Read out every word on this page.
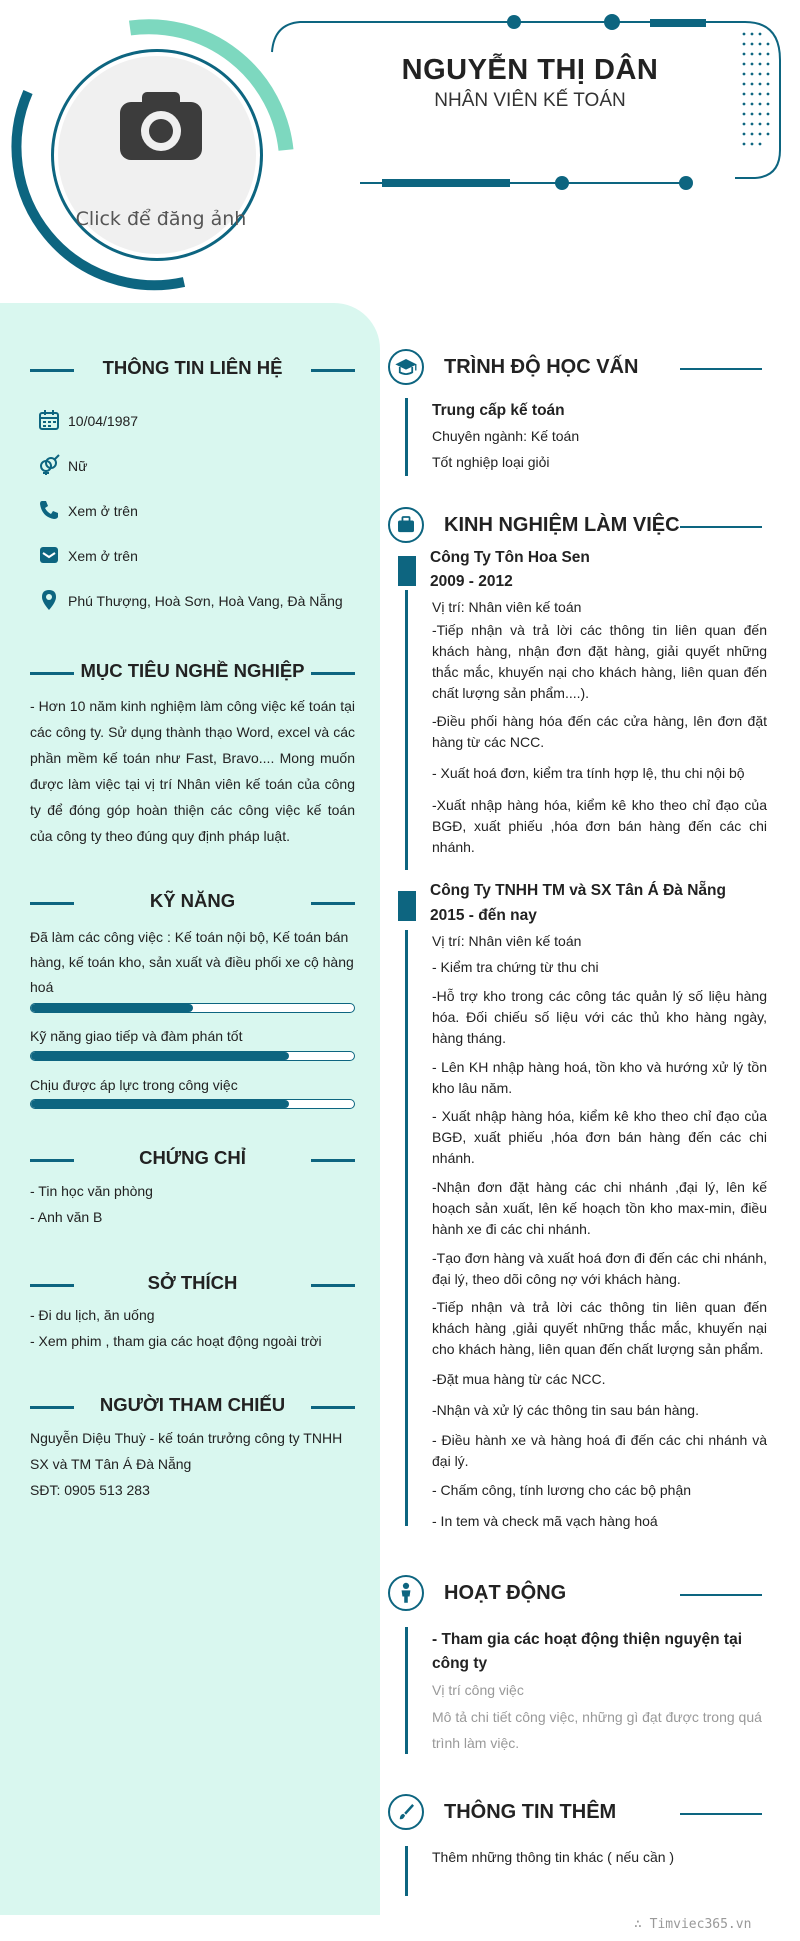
Click để đăng ảnh
NGUYỄN THỊ DÂN
NHÂN VIÊN KẾ TOÁN
THÔNG TIN LIÊN HỆ
10/04/1987
Nữ
Xem ở trên
Xem ở trên
Phú Thượng, Hoà Sơn, Hoà Vang, Đà Nẵng
MỤC TIÊU NGHỀ NGHIỆP
- Hơn 10 năm kinh nghiệm làm công việc kế toán tại các công ty. Sử dụng thành thạo Word, excel và các phần mềm kế toán như Fast, Bravo.... Mong muốn được làm việc tại vị trí Nhân viên kế toán của công ty để đóng góp hoàn thiện các công việc kế toán của công ty theo đúng quy định pháp luật.
KỸ NĂNG
Đã làm các công việc : Kế toán nội bộ, Kế toán bán hàng, kế toán kho, sản xuất và điều phối xe cộ hàng hoá
Kỹ năng giao tiếp và đàm phán tốt
Chịu được áp lực trong công việc
CHỨNG CHỈ
- Tin học văn phòng
- Anh văn B
SỞ THÍCH
- Đi du lịch, ăn uống
- Xem phim , tham gia các hoạt động ngoài trời
NGƯỜI THAM CHIẾU
Nguyễn Diệu Thuỳ - kế toán trưởng công ty TNHH SX và TM Tân Á Đà Nẵng
SĐT: 0905 513 283
TRÌNH ĐỘ HỌC VẤN
Trung cấp kế toán
Chuyên ngành: Kế toán
Tốt nghiệp loại giỏi
KINH NGHIỆM LÀM VIỆC
Công Ty Tôn Hoa Sen
2009 - 2012
Vị trí: Nhân viên kế toán
-Tiếp nhận và trả lời các thông tin liên quan đến khách hàng, nhận đơn đặt hàng, giải quyết những thắc mắc, khuyến nại cho khách hàng, liên quan đến chất lượng sản phẩm....).
-Điều phối hàng hóa đến các cửa hàng, lên đơn đặt hàng từ các NCC.
- Xuất hoá đơn, kiểm tra tính hợp lệ, thu chi nội bộ
-Xuất nhập hàng hóa, kiểm kê kho theo chỉ đạo của BGĐ, xuất phiếu ,hóa đơn bán hàng đến các chi nhánh.
Công Ty TNHH TM và SX Tân Á Đà Nẵng
2015 - đến nay
Vị trí: Nhân viên kế toán
- Kiểm tra chứng từ thu chi
-Hỗ trợ kho trong các công tác quản lý số liệu hàng hóa. Đối chiếu số liệu với các thủ kho hàng ngày, hàng tháng.
- Lên KH nhập hàng hoá, tồn kho và hướng xử lý tồn kho lâu năm.
- Xuất nhập hàng hóa, kiểm kê kho theo chỉ đạo của BGĐ, xuất phiếu ,hóa đơn bán hàng đến các chi nhánh.
-Nhận đơn đặt hàng các chi nhánh ,đại lý, lên kế hoạch sản xuất, lên kế hoạch tồn kho max-min, điều hành xe đi các chi nhánh.
-Tạo đơn hàng và xuất hoá đơn đi đến các chi nhánh, đại lý, theo dõi công nợ với khách hàng.
-Tiếp nhận và trả lời các thông tin liên quan đến khách hàng ,giải quyết những thắc mắc, khuyến nại cho khách hàng, liên quan đến chất lượng sản phẩm.
-Đặt mua hàng từ các NCC.
-Nhận và xử lý các thông tin sau bán hàng.
- Điều hành xe và hàng hoá đi đến các chi nhánh và đại lý.
- Chấm công, tính lương cho các bộ phận
- In tem và check mã vạch hàng hoá
HOẠT ĐỘNG
- Tham gia các hoạt động thiện nguyện tại công ty
Vị trí công việc
Mô tả chi tiết công việc, những gì đạt được trong quá trình làm việc.
THÔNG TIN THÊM
Thêm những thông tin khác ( nếu cần )
∴ Timviec365.vn
